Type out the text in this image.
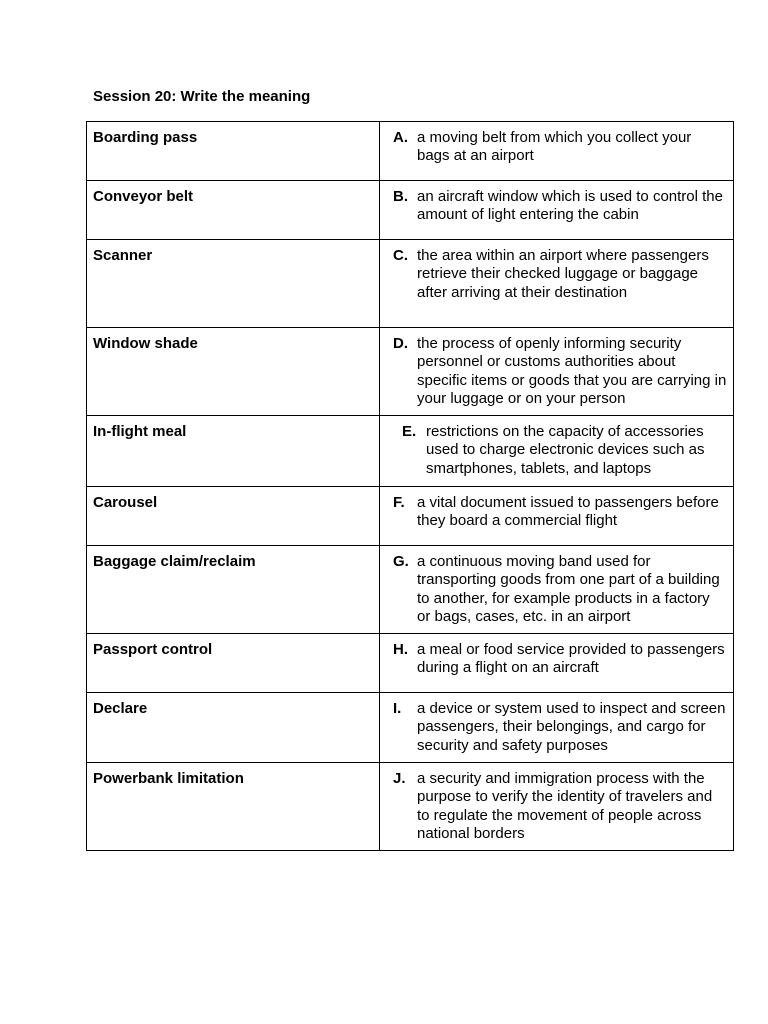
Session 20: Write the meaning
Boarding pass	A. a moving belt from which you collect your bags at an airport

Conveyor belt	B. an aircraft window which is used to control the amount of light entering the cabin

Scanner	C. the area within an airport where passengers retrieve their checked luggage or baggage after arriving at their destination

Window shade	D. the process of openly informing security personnel or customs authorities about specific items or goods that you are carrying in your luggage or on your person

In-flight meal	E. restrictions on the capacity of accessories used to charge electronic devices such as smartphones, tablets, and laptops

Carousel	F. a vital document issued to passengers before they board a commercial flight

Baggage claim/reclaim	G. a continuous moving band used for transporting goods from one part of a building to another, for example products in a factory or bags, cases, etc. in an airport

Passport control	H. a meal or food service provided to passengers during a flight on an aircraft

Declare	I. a device or system used to inspect and screen passengers, their belongings, and cargo for security and safety purposes

Powerbank limitation	J. a security and immigration process with the purpose to verify the identity of travelers and to regulate the movement of people across national borders
